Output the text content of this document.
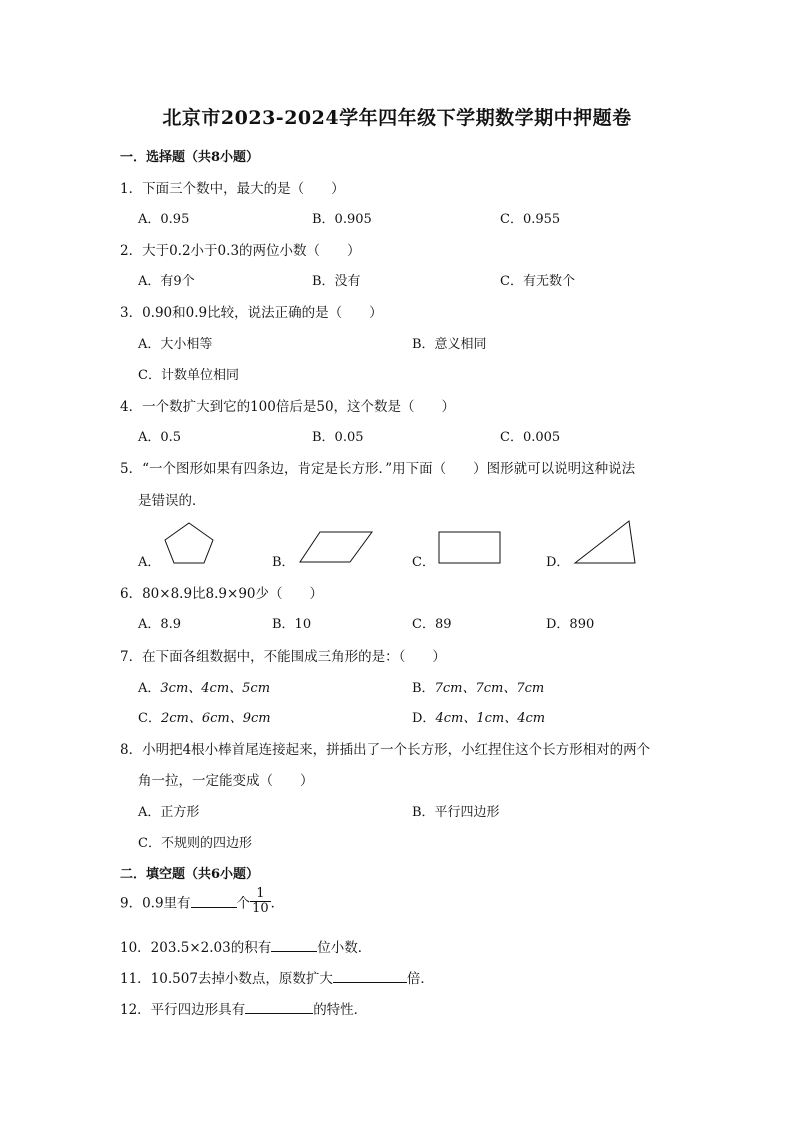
北京市2023-2024学年四年级下学期数学期中押题卷
一．选择题（共8小题）
1．下面三个数中，最大的是（　　）
A．0.95	B．0.905	C．0.955
2．大于0.2小于0.3的两位小数（　　）
A．有9个	B．没有	C．有无数个
3．0.90和0.9比较，说法正确的是（　　）
A．大小相等	B．意义相同
C．计数单位相同
4．一个数扩大到它的100倍后是50，这个数是（　　）
A．0.5	B．0.05	C．0.005
5．“一个图形如果有四条边，肯定是长方形．”用下面（　　）图形就可以说明这种说法
是错误的．
A．	B．	C．	D．
6．80×8.9比8.9×90少（　　）
A．8.9	B．10	C．89	D．890
7．在下面各组数据中，不能围成三角形的是：（　　）
A．3cm、4cm、5cm	B．7cm、7cm、7cm
C．2cm、6cm、9cm	D．4cm、1cm、4cm
8．小明把4根小棒首尾连接起来，拼插出了一个长方形，小红捏住这个长方形相对的两个
角一拉，一定能变成（　　）
A．正方形	B．平行四边形
C．不规则的四边形
二．填空题（共6小题）
9．0.9里有	个 $\frac{1}{10}$ ．
10．203.5×2.03的积有	位小数．
11．10.507去掉小数点，原数扩大	倍．
12．平行四边形具有	的特性．
